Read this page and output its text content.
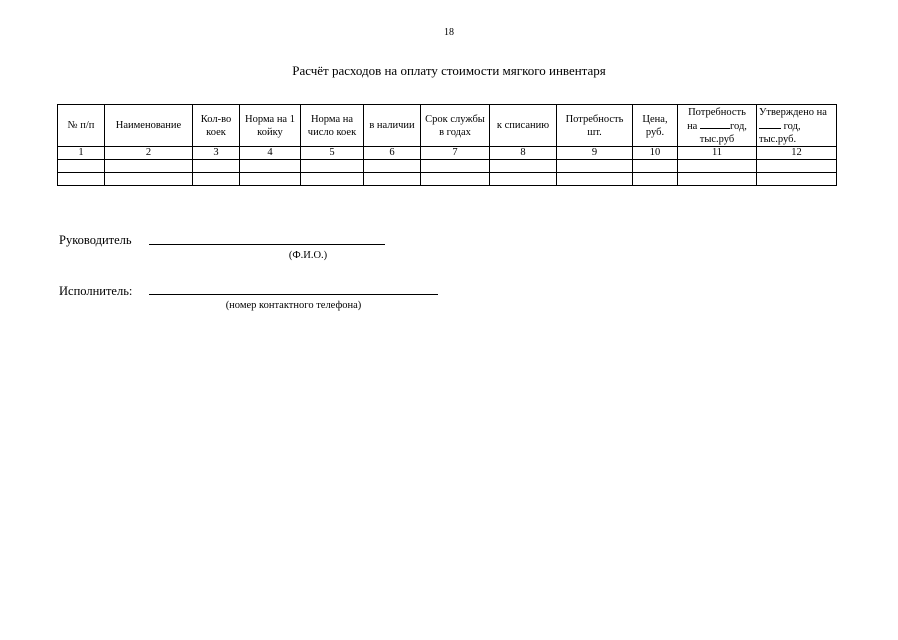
18
Расчёт расходов на оплату стоимости мягкого инвентаря
№ п/п	Наименование	Кол-во коек	Норма на 1 койку	Норма на число коек	в наличии	Срок службы в годах	к списанию	Потребность шт.	Цена, руб.	Потребность
на год,
тыс.руб	Утверждено на
год,
тыс.руб.
1	2	3	4	5	6	7	8	9	10	11	12

Руководитель
(Ф.И.О.)
Исполнитель:
(номер контактного телефона)
